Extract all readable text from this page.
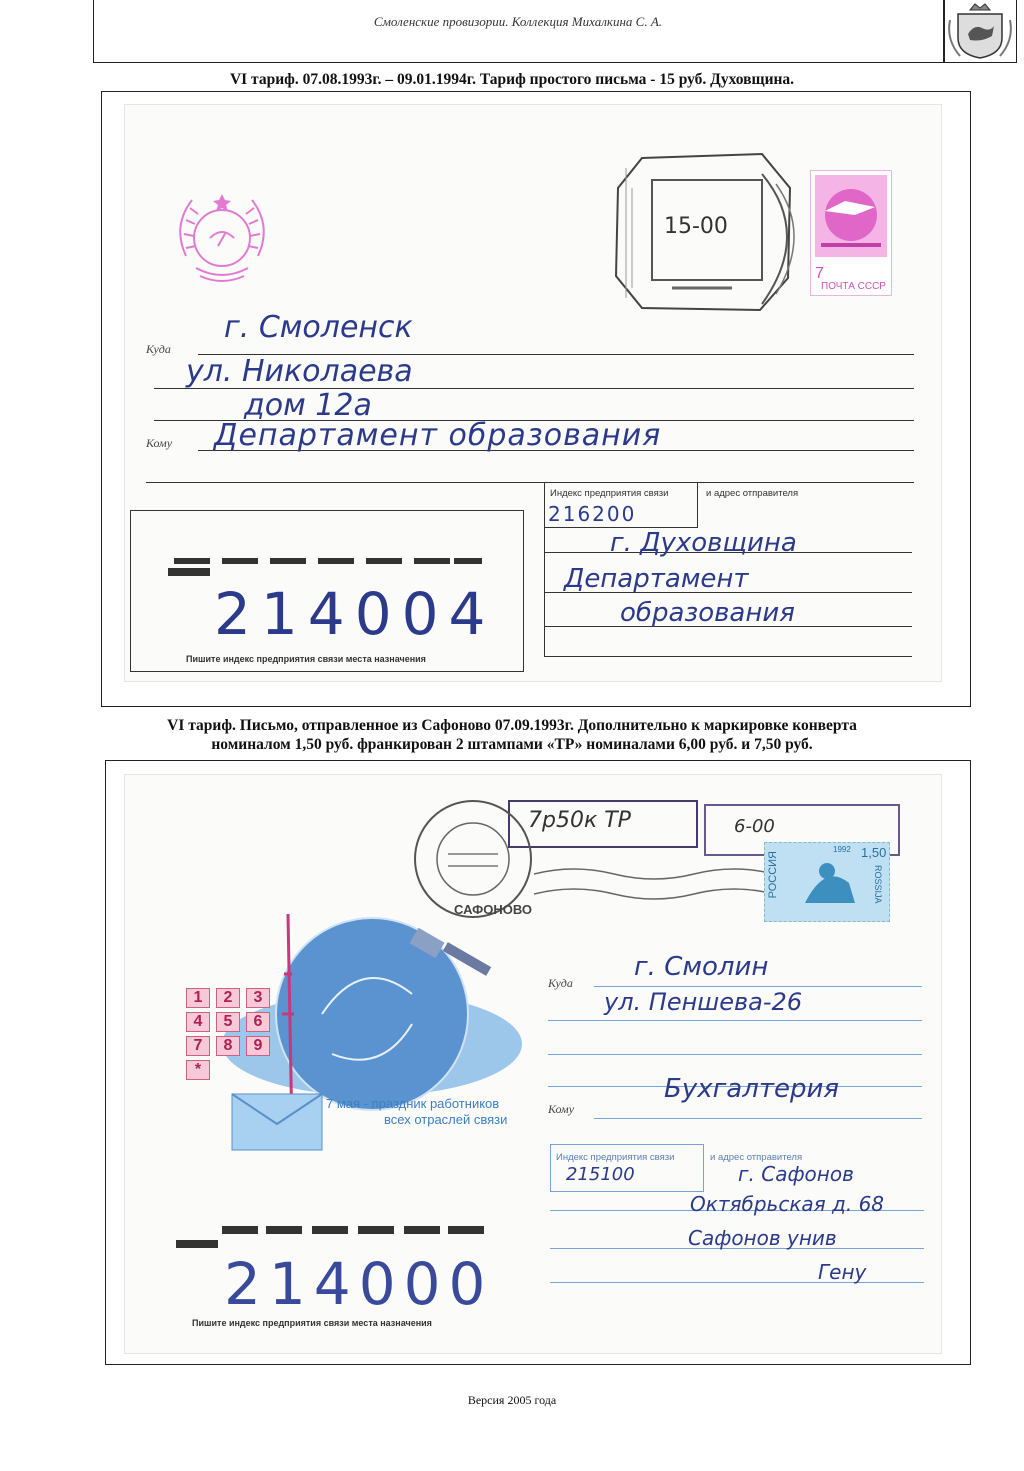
Смоленские провизории. Коллекция Михалкина С. А.
VI тариф. 07.08.1993г. – 09.01.1994г. Тариф простого письма - 15 руб. Духовщина.
15-00
7
ПОЧТА СССР
Куда
Кому
г. Смоленск
ул. Николаева
дом 12а
Департамент образования
Индекс предприятия связи	и адрес отправителя
216200
г. Духовщина
Департамент
образования
214004
Пишите индекс предприятия связи места назначения
VI тариф. Письмо, отправленное из Сафоново 07.09.1993г. Дополнительно к маркировке конверта
номиналом 1,50 руб. франкирован 2 штампами «ТР» номиналами 6,00 руб. и 7,50 руб.
7р50к ТР	6-00
САФОНОВО
РОССИЯ	ROSSIJA
1,50
1992
1	2	3
4	5	6
7	8	9
*
7 мая - праздник работников
всех отраслей связи
Куда
Кому
г. Смолин
ул. Пеншева-26
Бухгалтерия
Индекс предприятия связи	и адрес отправителя
215100	г. Сафонов
Октябрьская д. 68
Сафонов унив
Гену
214000
Пишите индекс предприятия связи места назначения
Версия 2005 года
